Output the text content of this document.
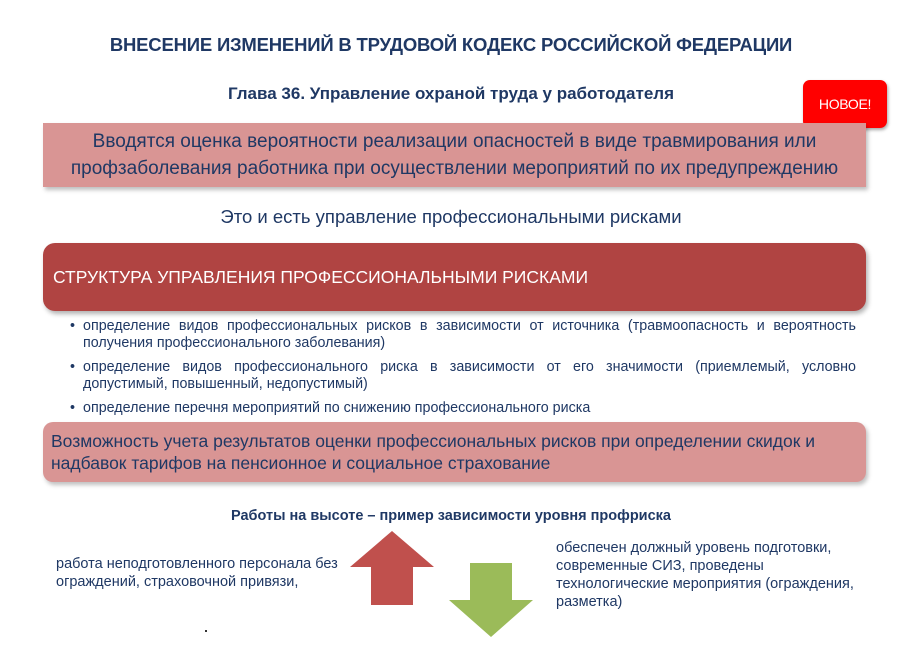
ВНЕСЕНИЕ ИЗМЕНЕНИЙ В ТРУДОВОЙ КОДЕКС РОССИЙСКОЙ ФЕДЕРАЦИИ
Глава 36. Управление охраной труда у работодателя
НОВОЕ!
Вводятся оценка вероятности реализации опасностей в виде травмирования или профзаболевания работника при осуществлении мероприятий по их предупреждению
Это и есть управление профессиональными рисками
СТРУКТУРА УПРАВЛЕНИЯ ПРОФЕССИОНАЛЬНЫМИ РИСКАМИ
• определение видов профессиональных рисков в зависимости от источника (травмоопасность и вероятность получения профессионального заболевания)
• определение видов профессионального риска в зависимости от его значимости (приемлемый, условно допустимый, повышенный, недопустимый)
• определение перечня мероприятий по снижению профессионального риска
Возможность учета результатов оценки профессиональных рисков при определении скидок и надбавок тарифов на пенсионное и социальное страхование
Работы на высоте – пример зависимости уровня профриска
работа неподготовленного персонала без ограждений, страховочной привязи,
обеспечен должный уровень подготовки, современные СИЗ, проведены технологические мероприятия (ограждения, разметка)
